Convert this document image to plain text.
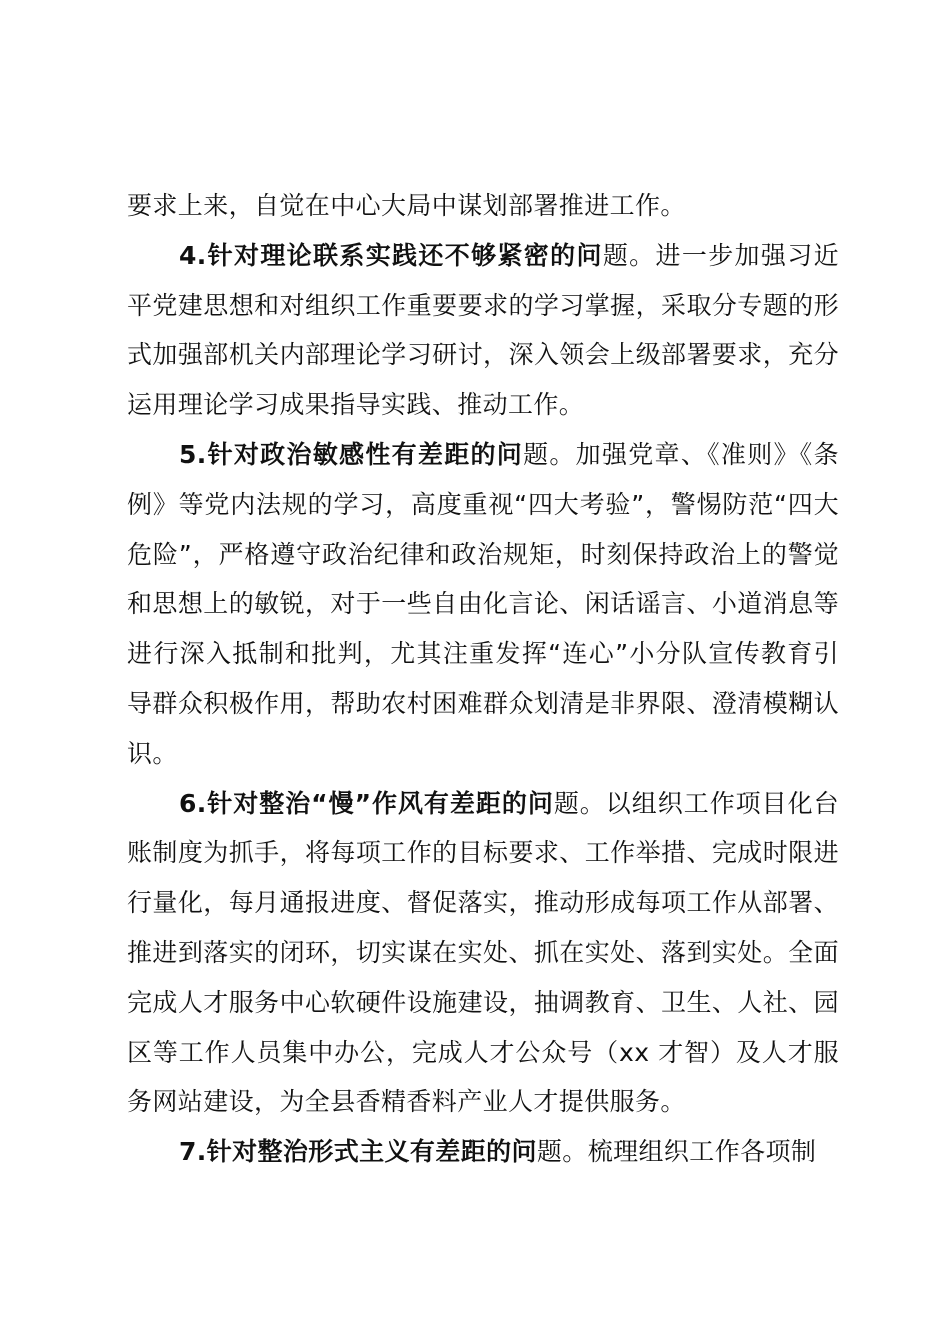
要求上来，自觉在中心大局中谋划部署推进工作。

4.针对理论联系实践还不够紧密的问题。进一步加强习近平党建思想和对组织工作重要要求的学习掌握，采取分专题的形式加强部机关内部理论学习研讨，深入领会上级部署要求，充分运用理论学习成果指导实践、推动工作。

5.针对政治敏感性有差距的问题。加强党章、《准则》《条例》等党内法规的学习，高度重视“四大考验”，警惕防范“四大危险”，严格遵守政治纪律和政治规矩，时刻保持政治上的警觉和思想上的敏锐，对于一些自由化言论、闲话谣言、小道消息等进行深入抵制和批判，尤其注重发挥“连心”小分队宣传教育引导群众积极作用，帮助农村困难群众划清是非界限、澄清模糊认识。

6.针对整治“慢”作风有差距的问题。以组织工作项目化台账制度为抓手，将每项工作的目标要求、工作举措、完成时限进行量化，每月通报进度、督促落实，推动形成每项工作从部署、推进到落实的闭环，切实谋在实处、抓在实处、落到实处。全面完成人才服务中心软硬件设施建设，抽调教育、卫生、人社、园区等工作人员集中办公，完成人才公众号（xx 才智）及人才服务网站建设，为全县香精香料产业人才提供服务。

7.针对整治形式主义有差距的问题。梳理组织工作各项制
